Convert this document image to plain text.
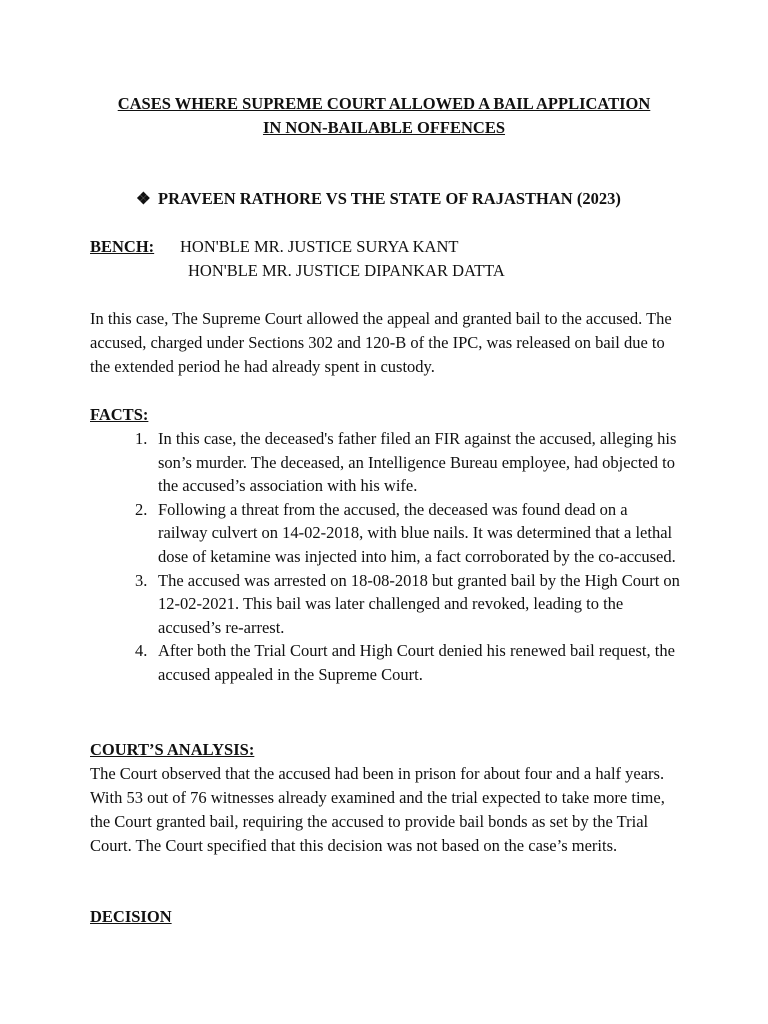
CASES WHERE SUPREME COURT ALLOWED A BAIL APPLICATION
IN NON-BAILABLE OFFENCES
❖ PRAVEEN RATHORE VS THE STATE OF RAJASTHAN (2023)
BENCH: HON'BLE MR. JUSTICE SURYA KANT
HON'BLE MR. JUSTICE DIPANKAR DATTA

In this case, The Supreme Court allowed the appeal and granted bail to the accused. The accused, charged under Sections 302 and 120-B of the IPC, was released on bail due to the extended period he had already spent in custody.

FACTS:
1. In this case, the deceased's father filed an FIR against the accused, alleging his son’s murder. The deceased, an Intelligence Bureau employee, had objected to the accused’s association with his wife.
2. Following a threat from the accused, the deceased was found dead on a railway culvert on 14-02-2018, with blue nails. It was determined that a lethal dose of ketamine was injected into him, a fact corroborated by the co-accused.
3. The accused was arrested on 18-08-2018 but granted bail by the High Court on 12-02-2021. This bail was later challenged and revoked, leading to the accused’s re-arrest.
4. After both the Trial Court and High Court denied his renewed bail request, the accused appealed in the Supreme Court.
COURT’S ANALYSIS:

The Court observed that the accused had been in prison for about four and a half years. With 53 out of 76 witnesses already examined and the trial expected to take more time, the Court granted bail, requiring the accused to provide bail bonds as set by the Trial Court. The Court specified that this decision was not based on the case’s merits.

DECISION
